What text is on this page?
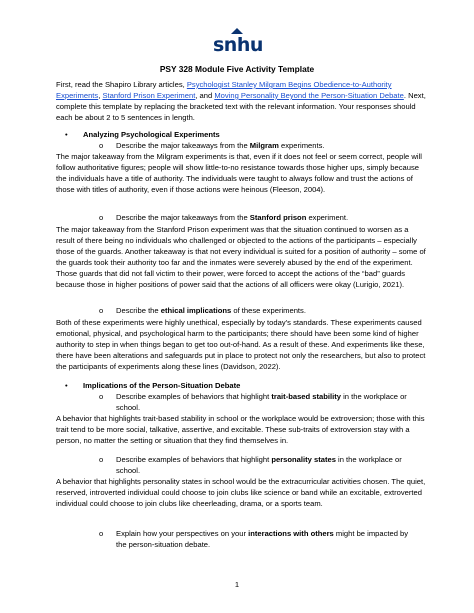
snhu
PSY 328 Module Five Activity Template
First, read the Shapiro Library articles, Psychologist Stanley Milgram Begins Obedience-to-Authority Experiments, Stanford Prison Experiment, and Moving Personality Beyond the Person-Situation Debate. Next, complete this template by replacing the bracketed text with the relevant information. Your responses should each be about 2 to 5 sentences in length.
• Analyzing Psychological Experiments
o Describe the major takeaways from the Milgram experiments.
The major takeaway from the Milgram experiments is that, even if it does not feel or seem correct, people will follow authoritative figures; people will show little-to-no resistance towards those higher ups, simply because the individuals have a title of authority. The individuals were taught to always follow and trust the actions of those with titles of authority, even if those actions were heinous (Fleeson, 2004).
o Describe the major takeaways from the Stanford prison experiment.
The major takeaway from the Stanford Prison experiment was that the situation continued to worsen as a result of there being no individuals who challenged or objected to the actions of the participants – especially those of the guards. Another takeaway is that not every individual is suited for a position of authority – some of the guards took their authority too far and the inmates were severely abused by the end of the experiment. Those guards that did not fall victim to their power, were forced to accept the actions of the “bad” guards because those in higher positions of power said that the actions of all officers were okay (Lurigio, 2021).
o Describe the ethical implications of these experiments.
Both of these experiments were highly unethical, especially by today’s standards. These experiments caused emotional, physical, and psychological harm to the participants; there should have been some kind of higher authority to step in when things began to get too out-of-hand. As a result of these. And experiments like these, there have been alterations and safeguards put in place to protect not only the researchers, but also to protect the participants of experiments along these lines (Davidson, 2022).
• Implications of the Person-Situation Debate
o Describe examples of behaviors that highlight trait-based stability in the workplace or school.
A behavior that highlights trait-based stability in school or the workplace would be extroversion; those with this trait tend to be more social, talkative, assertive, and excitable. These sub-traits of extroversion stay with a person, no matter the setting or situation that they find themselves in.
o Describe examples of behaviors that highlight personality states in the workplace or school.
A behavior that highlights personality states in school would be the extracurricular activities chosen. The quiet, reserved, introverted individual could choose to join clubs like science or band while an excitable, extroverted individual could choose to join clubs like cheerleading, drama, or a sports team.
o Explain how your perspectives on your interactions with others might be impacted by the person-situation debate.
1
